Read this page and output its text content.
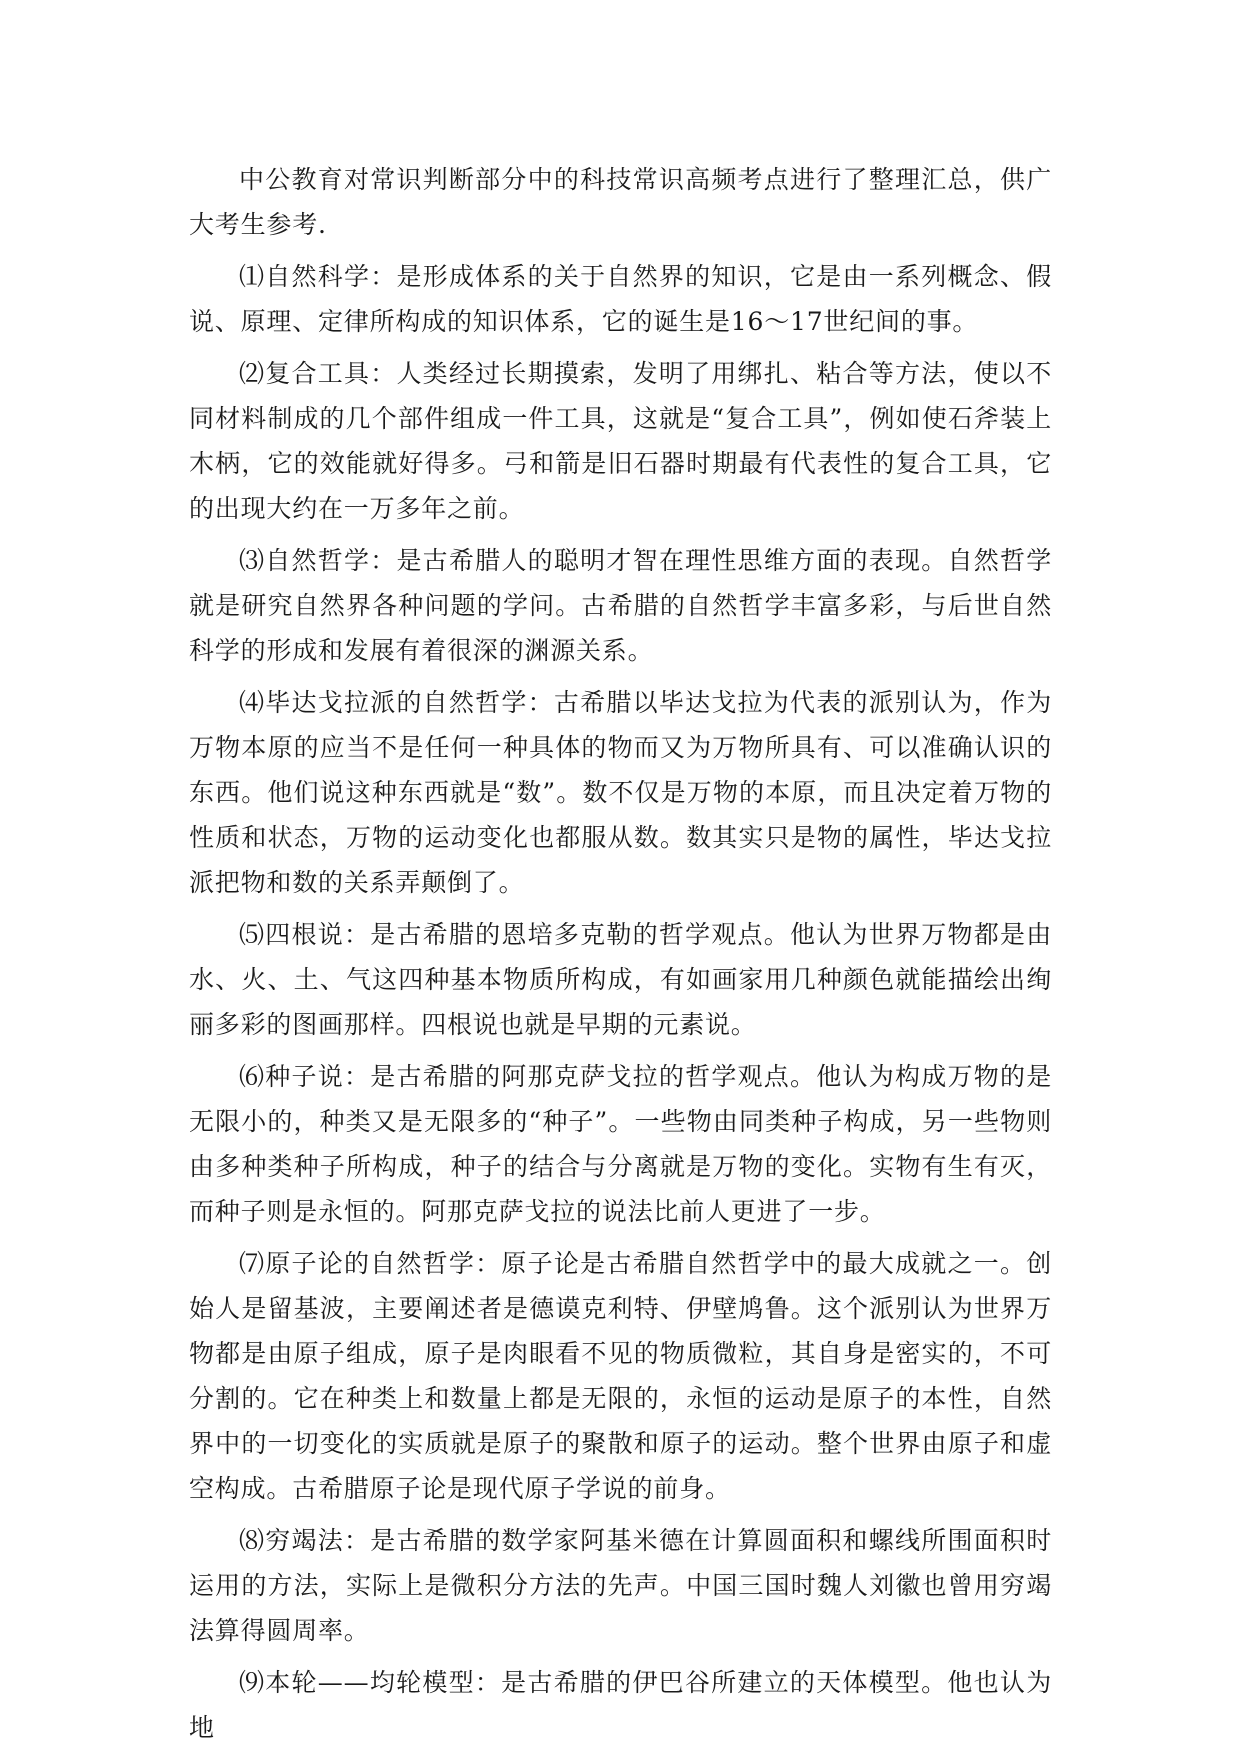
中公教育对常识判断部分中的科技常识高频考点进行了整理汇总，供广大考生参考.

⑴自然科学：是形成体系的关于自然界的知识，它是由一系列概念、假说、原理、定律所构成的知识体系，它的诞生是16～17世纪间的事。

⑵复合工具：人类经过长期摸索，发明了用绑扎、粘合等方法，使以不同材料制成的几个部件组成一件工具，这就是“复合工具”，例如使石斧装上木柄，它的效能就好得多。弓和箭是旧石器时期最有代表性的复合工具，它的出现大约在一万多年之前。

⑶自然哲学：是古希腊人的聪明才智在理性思维方面的表现。自然哲学就是研究自然界各种问题的学问。古希腊的自然哲学丰富多彩，与后世自然科学的形成和发展有着很深的渊源关系。

⑷毕达戈拉派的自然哲学：古希腊以毕达戈拉为代表的派别认为，作为万物本原的应当不是任何一种具体的物而又为万物所具有、可以准确认识的东西。他们说这种东西就是“数”。数不仅是万物的本原，而且决定着万物的性质和状态，万物的运动变化也都服从数。数其实只是物的属性，毕达戈拉派把物和数的关系弄颠倒了。

⑸四根说：是古希腊的恩培多克勒的哲学观点。他认为世界万物都是由水、火、土、气这四种基本物质所构成，有如画家用几种颜色就能描绘出绚丽多彩的图画那样。四根说也就是早期的元素说。

⑹种子说：是古希腊的阿那克萨戈拉的哲学观点。他认为构成万物的是无限小的，种类又是无限多的“种子”。一些物由同类种子构成，另一些物则由多种类种子所构成，种子的结合与分离就是万物的变化。实物有生有灭，而种子则是永恒的。阿那克萨戈拉的说法比前人更进了一步。

⑺原子论的自然哲学：原子论是古希腊自然哲学中的最大成就之一。创始人是留基波，主要阐述者是德谟克利特、伊壁鸠鲁。这个派别认为世界万物都是由原子组成，原子是肉眼看不见的物质微粒，其自身是密实的，不可分割的。它在种类上和数量上都是无限的，永恒的运动是原子的本性，自然界中的一切变化的实质就是原子的聚散和原子的运动。整个世界由原子和虚空构成。古希腊原子论是现代原子学说的前身。

⑻穷竭法：是古希腊的数学家阿基米德在计算圆面积和螺线所围面积时运用的方法，实际上是微积分方法的先声。中国三国时魏人刘徽也曾用穷竭法算得圆周率。

⑼本轮——均轮模型：是古希腊的伊巴谷所建立的天体模型。他也认为地
